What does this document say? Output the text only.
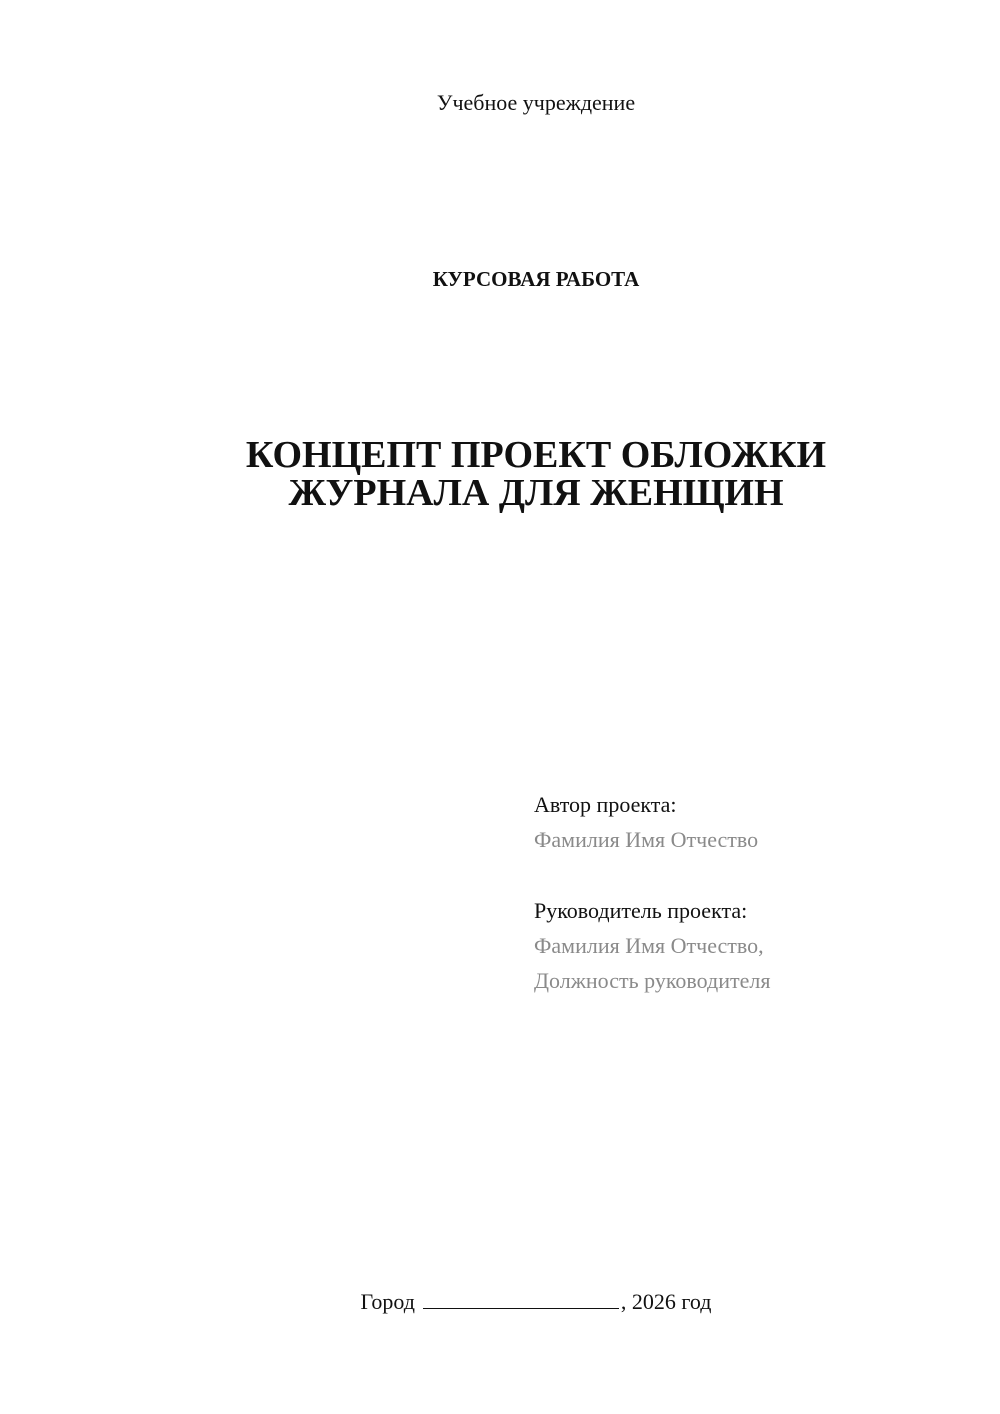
Учебное учреждение
КУРСОВАЯ РАБОТА
КОНЦЕПТ ПРОЕКТ ОБЛОЖКИ
ЖУРНАЛА ДЛЯ ЖЕНЩИН
Автор проекта:
Фамилия Имя Отчество
Руководитель проекта:
Фамилия Имя Отчество,
Должность руководителя
Город	, 2026 год
